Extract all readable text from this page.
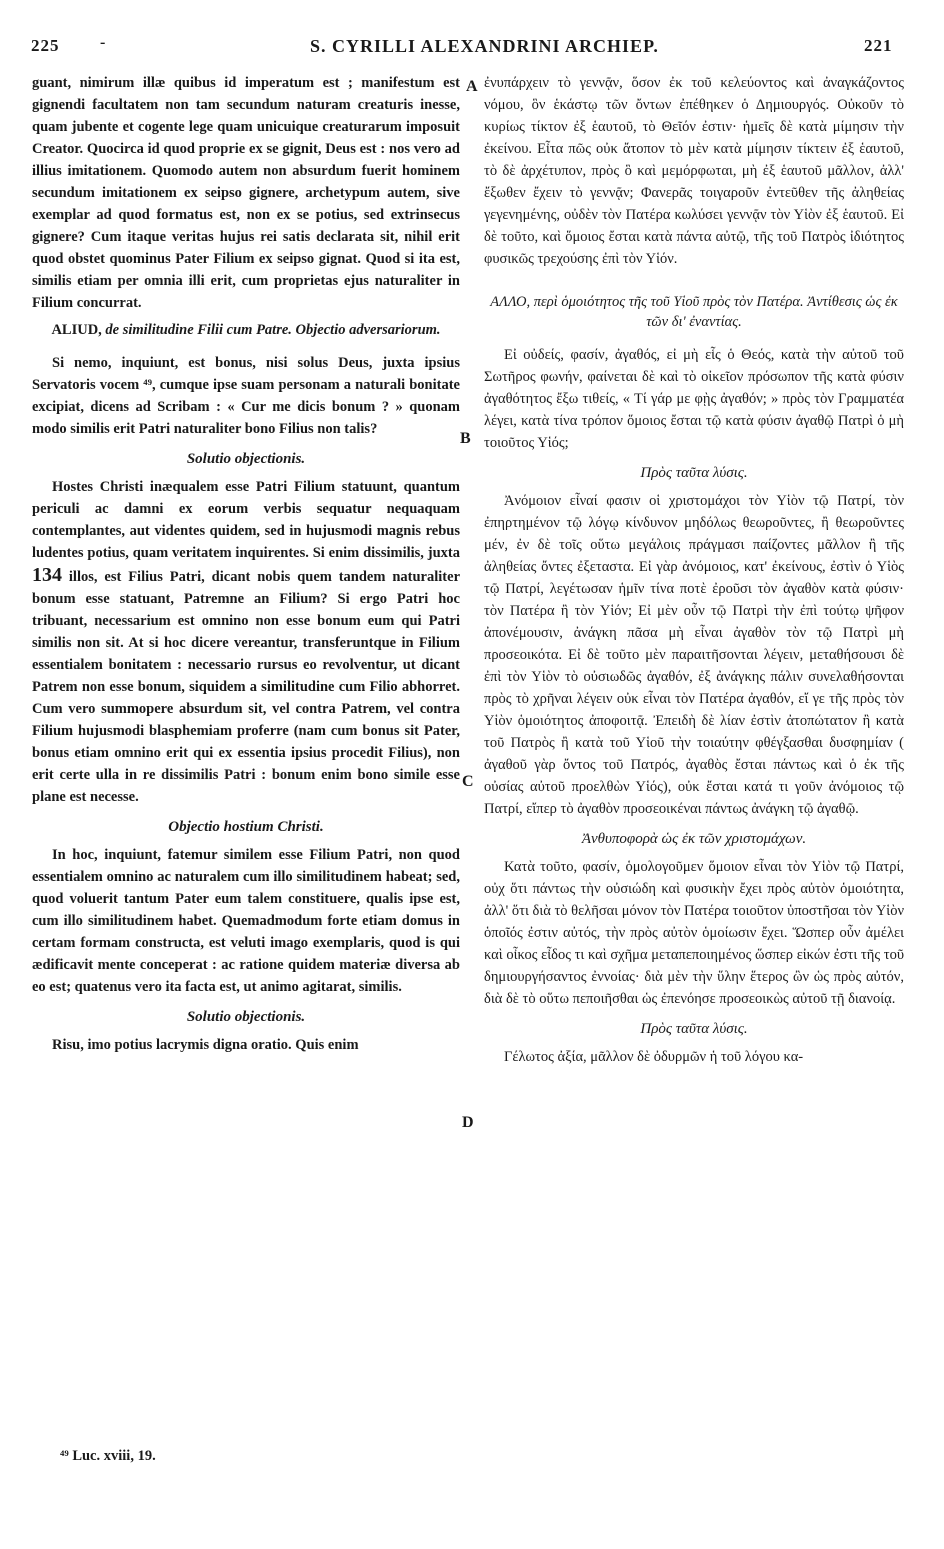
225	-	S. CYRILLI ALEXANDRINI ARCHIEP.	221
A
B
C
D

guant, nimirum illæ quibus id imperatum est ; manifestum est gignendi facultatem non tam secundum naturam creaturis inesse, quam jubente et cogente lege quam unicuique creaturarum imposuit Creator. Quocirca id quod proprie ex se gignit, Deus est : nos vero ad illius imitationem. Quomodo autem non absurdum fuerit hominem secundum imitationem ex seipso gignere, archetypum autem, sive exemplar ad quod formatus est, non ex se potius, sed extrinsecus gignere? Cum itaque veritas hujus rei satis declarata sit, nihil erit quod obstet quominus Pater Filium ex seipso gignat. Quod si ita est, similis etiam per omnia illi erit, cum proprietas ejus naturaliter in Filium concurrat.

ALIUD, de similitudine Filii cum Patre. Objectio adversariorum.

Si nemo, inquiunt, est bonus, nisi solus Deus, juxta ipsius Servatoris vocem ⁴⁹, cumque ipse suam personam a naturali bonitate excipiat, dicens ad Scribam : « Cur me dicis bonum ? » quonam modo similis erit Patri naturaliter bono Filius non talis?

Solutio objectionis.

Hostes Christi inæqualem esse Patri Filium statuunt, quantum periculi ac damni ex eorum verbis sequatur nequaquam contemplantes, aut videntes quidem, sed in hujusmodi magnis rebus ludentes potius, quam veritatem inquirentes. Si enim dissimilis, juxta 134 illos, est Filius Patri, dicant nobis quem tandem naturaliter bonum esse statuant, Patremne an Filium? Si ergo Patri hoc tribuant, necessarium est omnino non esse bonum eum qui Patri similis non sit. At si hoc dicere vereantur, transferuntque in Filium essentialem bonitatem : necessario rursus eo revolventur, ut dicant Patrem non esse bonum, siquidem a similitudine cum Filio abhorret. Cum vero summopere absurdum sit, vel contra Patrem, vel contra Filium hujusmodi blasphemiam proferre (nam cum bonus sit Pater, bonus etiam omnino erit qui ex essentia ipsius procedit Filius), non erit certe ulla in re dissimilis Patri : bonum enim bono simile esse plane est necesse.

Objectio hostium Christi.

In hoc, inquiunt, fatemur similem esse Filium Patri, non quod essentialem omnino ac naturalem cum illo similitudinem habeat; sed, quod voluerit tantum Pater eum talem constituere, qualis ipse est, cum illo similitudinem habet. Quemadmodum forte etiam domus in certam formam constructa, est veluti imago exemplaris, quod is qui ædificavit mente conceperat : ac ratione quidem materiæ diversa ab eo est; quatenus vero ita facta est, ut animo agitarat, similis.

Solutio objectionis.

Risu, imo potius lacrymis digna oratio. Quis enim

⁴⁹ Luc. xviii, 19.

ἐνυπάρχειν τὸ γεννᾷν, ὅσον ἐκ τοῦ κελεύοντος καὶ ἀναγκάζοντος νόμου, ὃν ἑκάστῳ τῶν ὄντων ἐπέθηκεν ὁ Δημιουργός. Οὐκοῦν τὸ κυρίως τίκτον ἐξ ἑαυτοῦ, τὸ Θεῖόν ἐστιν· ἡμεῖς δὲ κατὰ μίμησιν τὴν ἐκείνου. Εἶτα πῶς οὐκ ἄτοπον τὸ μὲν κατὰ μίμησιν τίκτειν ἐξ ἑαυτοῦ, τὸ δὲ ἀρχέτυπον, πρὸς ὃ καὶ μεμόρφωται, μὴ ἐξ ἑαυτοῦ μᾶλλον, ἀλλ' ἔξωθεν ἔχειν τὸ γεννᾷν; Φανερᾶς τοιγαροῦν ἐντεῦθεν τῆς ἀληθείας γεγενημένης, οὐδὲν τὸν Πατέρα κωλύσει γεννᾷν τὸν Υἱὸν ἐξ ἑαυτοῦ. Εἰ δὲ τοῦτο, καὶ ὅμοιος ἔσται κατὰ πάντα αὐτῷ, τῆς τοῦ Πατρὸς ἰδιότητος φυσικῶς τρεχούσης ἐπὶ τὸν Υἱόν.

ΑΛΛΟ, περὶ ὁμοιότητος τῆς τοῦ Υἱοῦ πρὸς τὸν Πατέρα. Ἀντίθεσις ὡς ἐκ τῶν δι' ἐναντίας.

Εἰ οὐδείς, φασίν, ἀγαθός, εἰ μὴ εἷς ὁ Θεός, κατὰ τὴν αὐτοῦ τοῦ Σωτῆρος φωνήν, φαίνεται δὲ καὶ τὸ οἰκεῖον πρόσωπον τῆς κατὰ φύσιν ἀγαθότητος ἔξω τιθείς, « Τί γάρ με φῂς ἀγαθόν; » πρὸς τὸν Γραμματέα λέγει, κατὰ τίνα τρόπον ὅμοιος ἔσται τῷ κατὰ φύσιν ἀγαθῷ Πατρὶ ὁ μὴ τοιοῦτος Υἱός;

Πρὸς ταῦτα λύσις.

Ἀνόμοιον εἶναί φασιν οἱ χριστομάχοι τὸν Υἱὸν τῷ Πατρί, τὸν ἐπηρτημένον τῷ λόγῳ κίνδυνον μηδόλως θεωροῦντες, ἢ θεωροῦντες μέν, ἐν δὲ τοῖς οὕτω μεγάλοις πράγμασι παίζοντες μᾶλλον ἢ τῆς ἀληθείας ὄντες ἐξεταστα. Εἰ γὰρ ἀνόμοιος, κατ' ἐκείνους, ἐστὶν ὁ Υἱὸς τῷ Πατρί, λεγέτωσαν ἡμῖν τίνα ποτὲ ἐροῦσι τὸν ἀγαθὸν κατὰ φύσιν· τὸν Πατέρα ἢ τὸν Υἱόν; Εἰ μὲν οὖν τῷ Πατρὶ τὴν ἐπὶ τούτῳ ψῆφον ἀπονέμουσιν, ἀνάγκη πᾶσα μὴ εἶναι ἀγαθὸν τὸν τῷ Πατρὶ μὴ προσεοικότα. Εἰ δὲ τοῦτο μὲν παραιτῆσονται λέγειν, μεταθήσουσι δὲ ἐπὶ τὸν Υἱὸν τὸ οὐσιωδῶς ἀγαθόν, ἐξ ἀνάγκης πάλιν συνελαθήσονται πρὸς τὸ χρῆναι λέγειν οὐκ εἶναι τὸν Πατέρα ἀγαθόν, εἴ γε τῆς πρὸς τὸν Υἱὸν ὁμοιότητος ἀποφοιτᾷ. Ἐπειδὴ δὲ λίαν ἐστὶν ἀτοπώτατον ἢ κατὰ τοῦ Πατρὸς ἢ κατὰ τοῦ Υἱοῦ τὴν τοιαύτην φθέγξασθαι δυσφημίαν ( ἀγαθοῦ γὰρ ὄντος τοῦ Πατρός, ἀγαθὸς ἔσται πάντως καὶ ὁ ἐκ τῆς οὐσίας αὐτοῦ προελθὼν Υἱός), οὐκ ἔσται κατά τι γοῦν ἀνόμοιος τῷ Πατρί, εἴπερ τὸ ἀγαθὸν προσεοικέναι πάντως ἀνάγκη τῷ ἀγαθῷ.

Ἀνθυποφορὰ ὡς ἐκ τῶν χριστομάχων.

Κατὰ τοῦτο, φασίν, ὁμολογοῦμεν ὅμοιον εἶναι τὸν Υἱὸν τῷ Πατρί, οὐχ ὅτι πάντως τὴν οὐσιώδη καὶ φυσικὴν ἔχει πρὸς αὐτὸν ὁμοιότητα, ἀλλ' ὅτι διὰ τὸ θελῆσαι μόνον τὸν Πατέρα τοιοῦτον ὑποστῆσαι τὸν Υἱὸν ὁποῖός ἐστιν αὐτός, τὴν πρὸς αὐτὸν ὁμοίωσιν ἔχει. Ὥσπερ οὖν ἀμέλει καὶ οἶκος εἶδος τι καὶ σχῆμα μεταπεποιημένος ὥσπερ εἰκών ἐστι τῆς τοῦ δημιουργήσαντος ἐννοίας· διὰ μὲν τὴν ὕλην ἕτερος ὢν ὡς πρὸς αὐτόν, διὰ δὲ τὸ οὕτω πεποιῆσθαι ὡς ἐπενόησε προσεοικὼς αὐτοῦ τῇ διανοίᾳ.

Πρὸς ταῦτα λύσις.

Γέλωτος ἀξία, μᾶλλον δὲ ὀδυρμῶν ἡ τοῦ λόγου κα-
